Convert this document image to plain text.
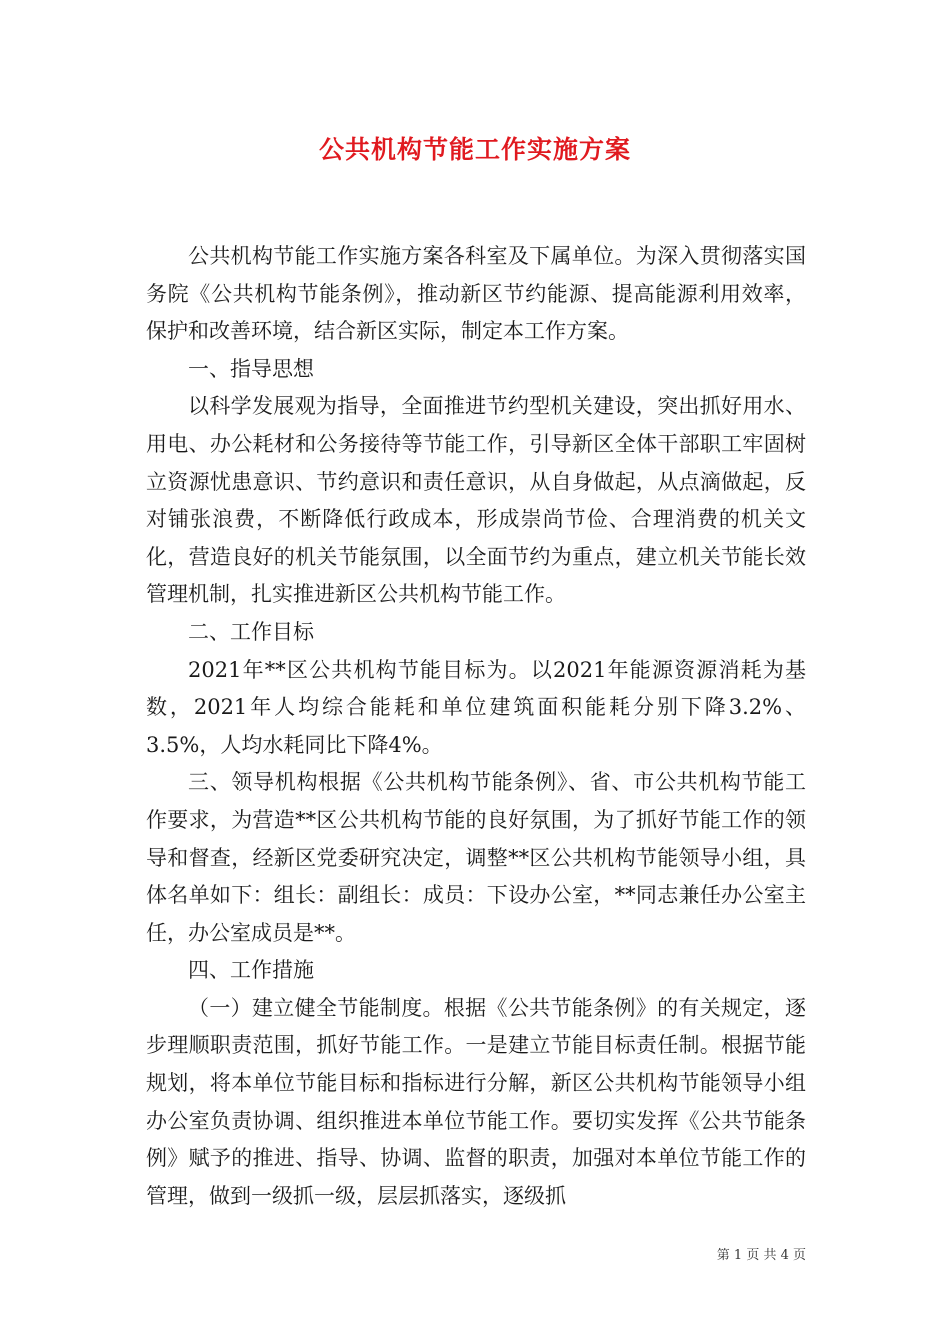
公共机构节能工作实施方案

公共机构节能工作实施方案各科室及下属单位。为深入贯彻落实国务院《公共机构节能条例》，推动新区节约能源、提高能源利用效率，保护和改善环境，结合新区实际，制定本工作方案。

一、指导思想

以科学发展观为指导，全面推进节约型机关建设，突出抓好用水、用电、办公耗材和公务接待等节能工作，引导新区全体干部职工牢固树立资源忧患意识、节约意识和责任意识，从自身做起，从点滴做起，反对铺张浪费，不断降低行政成本，形成崇尚节俭、合理消费的机关文化，营造良好的机关节能氛围，以全面节约为重点，建立机关节能长效管理机制，扎实推进新区公共机构节能工作。

二、工作目标

2021年**区公共机构节能目标为。以2021年能源资源消耗为基数，2021年人均综合能耗和单位建筑面积能耗分别下降3.2%、3.5%，人均水耗同比下降4%。

三、领导机构根据《公共机构节能条例》、省、市公共机构节能工作要求，为营造**区公共机构节能的良好氛围，为了抓好节能工作的领导和督查，经新区党委研究决定，调整**区公共机构节能领导小组，具体名单如下：组长：副组长：成员：下设办公室，**同志兼任办公室主任，办公室成员是**。

四、工作措施

（一）建立健全节能制度。根据《公共节能条例》的有关规定，逐步理顺职责范围，抓好节能工作。一是建立节能目标责任制。根据节能规划，将本单位节能目标和指标进行分解，新区公共机构节能领导小组办公室负责协调、组织推进本单位节能工作。要切实发挥《公共节能条例》赋予的推进、指导、协调、监督的职责，加强对本单位节能工作的管理，做到一级抓一级，层层抓落实，逐级抓

第 1 页 共 4 页
